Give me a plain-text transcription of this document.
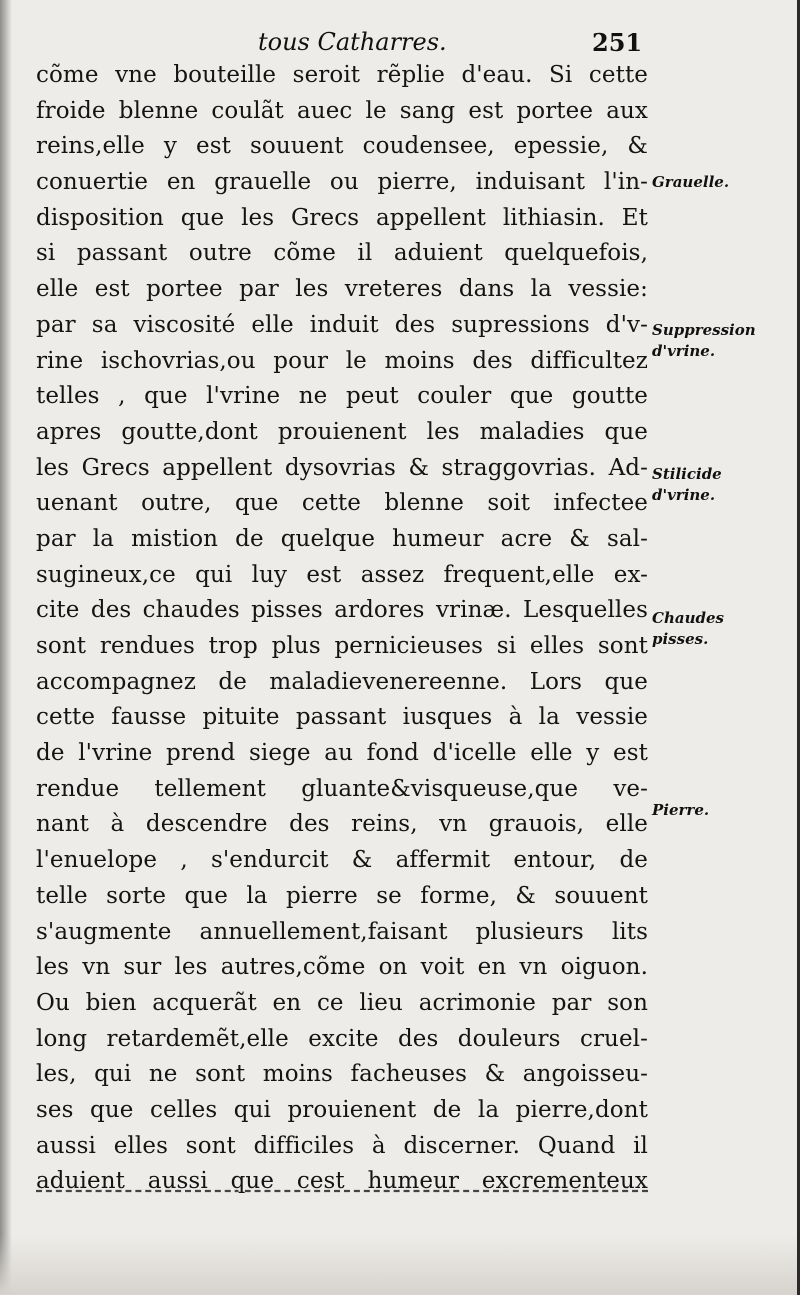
tous Catharres.	251
cõme vne bouteille seroit rẽplie d'eau. Si cette
froide blenne coulãt auec le sang est portee aux
reins,elle y est souuent coudensee, epessie, &
conuertie en grauelle ou pierre, induisant l'in-
disposition que les Grecs appellent lithiasin. Et
si passant outre cõme il aduient quelquefois,
elle est portee par les vreteres dans la vessie:
par sa viscosité elle induit des supressions d'v-
rine ischovrias,ou pour le moins des difficultez
telles , que l'vrine ne peut couler que goutte
apres goutte,dont prouienent les maladies que
les Grecs appellent dysovrias & straggovrias. Ad-
uenant outre, que cette blenne soit infectee
par la mistion de quelque humeur acre & sal-
sugineux,ce qui luy est assez frequent,elle ex-
cite des chaudes pisses ardores vrinæ. Lesquelles
sont rendues trop plus pernicieuses si elles sont
accompagnez de maladievenereenne. Lors que
cette fausse pituite passant iusques à la vessie
de l'vrine prend siege au fond d'icelle elle y est
rendue tellement gluante&visqueuse,que ve-
nant à descendre des reins, vn grauois, elle
l'enuelope , s'endurcit & affermit entour, de
telle sorte que la pierre se forme, & souuent
s'augmente annuellement,faisant plusieurs lits
les vn sur les autres,cõme on voit en vn oiguon.
Ou bien acquerãt en ce lieu acrimonie par son
long retardemẽt,elle excite des douleurs cruel-
les, qui ne sont moins facheuses & angoisseu-
ses que celles qui prouienent de la pierre,dont
aussi elles sont difficiles à discerner. Quand il
aduient aussi que cest humeur excrementeux
Grauelle.
Suppression
d'vrine.
Stilicide
d'vrine.
Chaudes
pisses.
Pierre.
